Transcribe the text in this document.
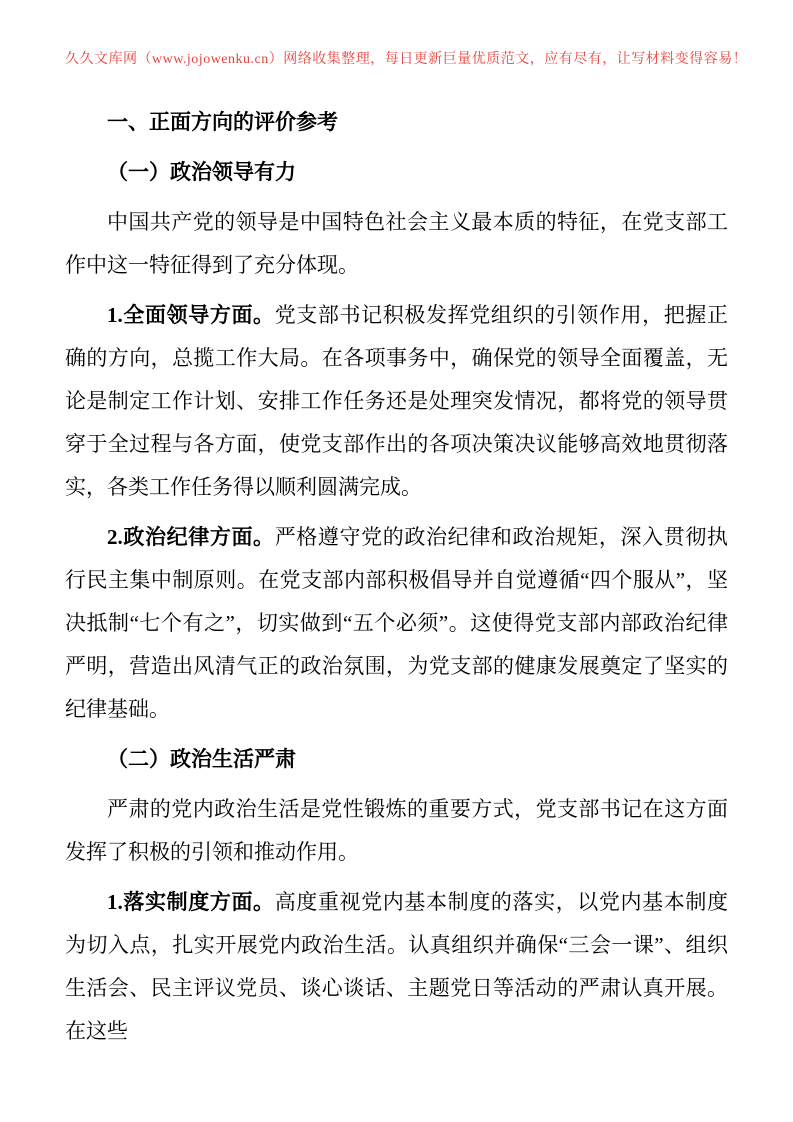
久久文库网（www.jojowenku.cn）网络收集整理，每日更新巨量优质范文，应有尽有，让写材料变得容易！
一、正面方向的评价参考
（一）政治领导有力

中国共产党的领导是中国特色社会主义最本质的特征，在党支部工作中这一特征得到了充分体现。

1.全面领导方面。党支部书记积极发挥党组织的引领作用，把握正确的方向，总揽工作大局。在各项事务中，确保党的领导全面覆盖，无论是制定工作计划、安排工作任务还是处理突发情况，都将党的领导贯穿于全过程与各方面，使党支部作出的各项决策决议能够高效地贯彻落实，各类工作任务得以顺利圆满完成。

2.政治纪律方面。严格遵守党的政治纪律和政治规矩，深入贯彻执行民主集中制原则。在党支部内部积极倡导并自觉遵循“四个服从”，坚决抵制“七个有之”，切实做到“五个必须”。这使得党支部内部政治纪律严明，营造出风清气正的政治氛围，为党支部的健康发展奠定了坚实的纪律基础。

（二）政治生活严肃

严肃的党内政治生活是党性锻炼的重要方式，党支部书记在这方面发挥了积极的引领和推动作用。

1.落实制度方面。高度重视党内基本制度的落实，以党内基本制度为切入点，扎实开展党内政治生活。认真组织并确保“三会一课”、组织生活会、民主评议党员、谈心谈话、主题党日等活动的严肃认真开展。在这些
